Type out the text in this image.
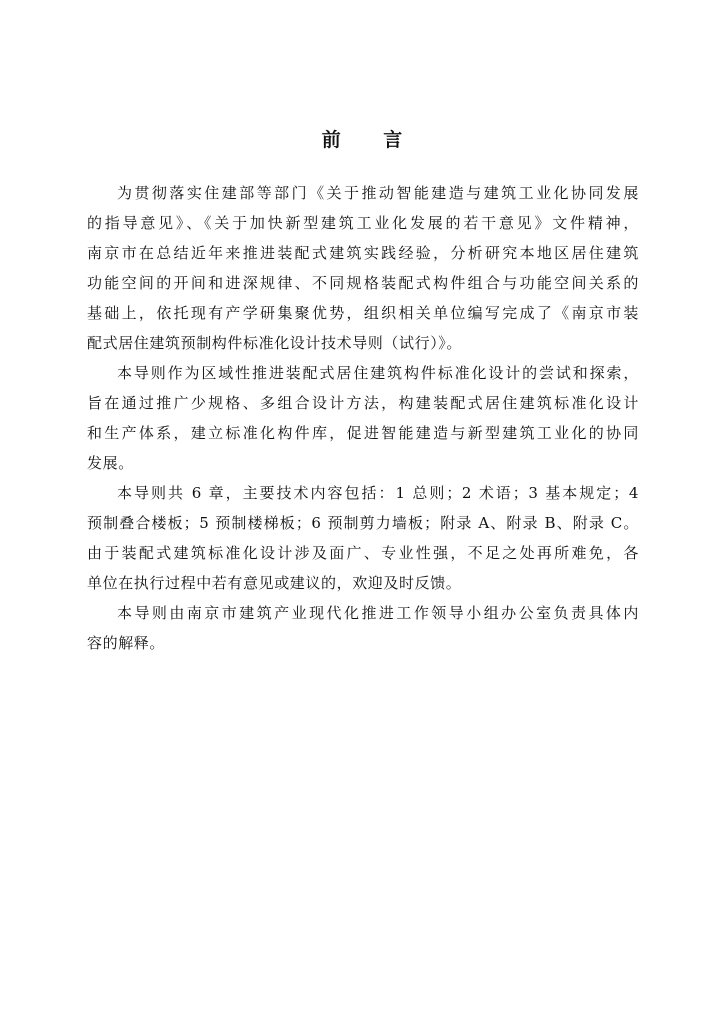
前 言
为贯彻落实住建部等部门《关于推动智能建造与建筑工业化协同发展
的指导意见》、《关于加快新型建筑工业化发展的若干意见》文件精神，
南京市在总结近年来推进装配式建筑实践经验，分析研究本地区居住建筑
功能空间的开间和进深规律、不同规格装配式构件组合与功能空间关系的
基础上，依托现有产学研集聚优势，组织相关单位编写完成了《南京市装
配式居住建筑预制构件标准化设计技术导则（试行）》。
本导则作为区域性推进装配式居住建筑构件标准化设计的尝试和探索，
旨在通过推广少规格、多组合设计方法，构建装配式居住建筑标准化设计
和生产体系，建立标准化构件库，促进智能建造与新型建筑工业化的协同
发展。
本导则共 6 章，主要技术内容包括：1 总则；2 术语；3 基本规定；4
预制叠合楼板；5 预制楼梯板；6 预制剪力墙板；附录 A、附录 B、附录 C。
由于装配式建筑标准化设计涉及面广、专业性强，不足之处再所难免，各
单位在执行过程中若有意见或建议的，欢迎及时反馈。
本导则由南京市建筑产业现代化推进工作领导小组办公室负责具体内
容的解释。
